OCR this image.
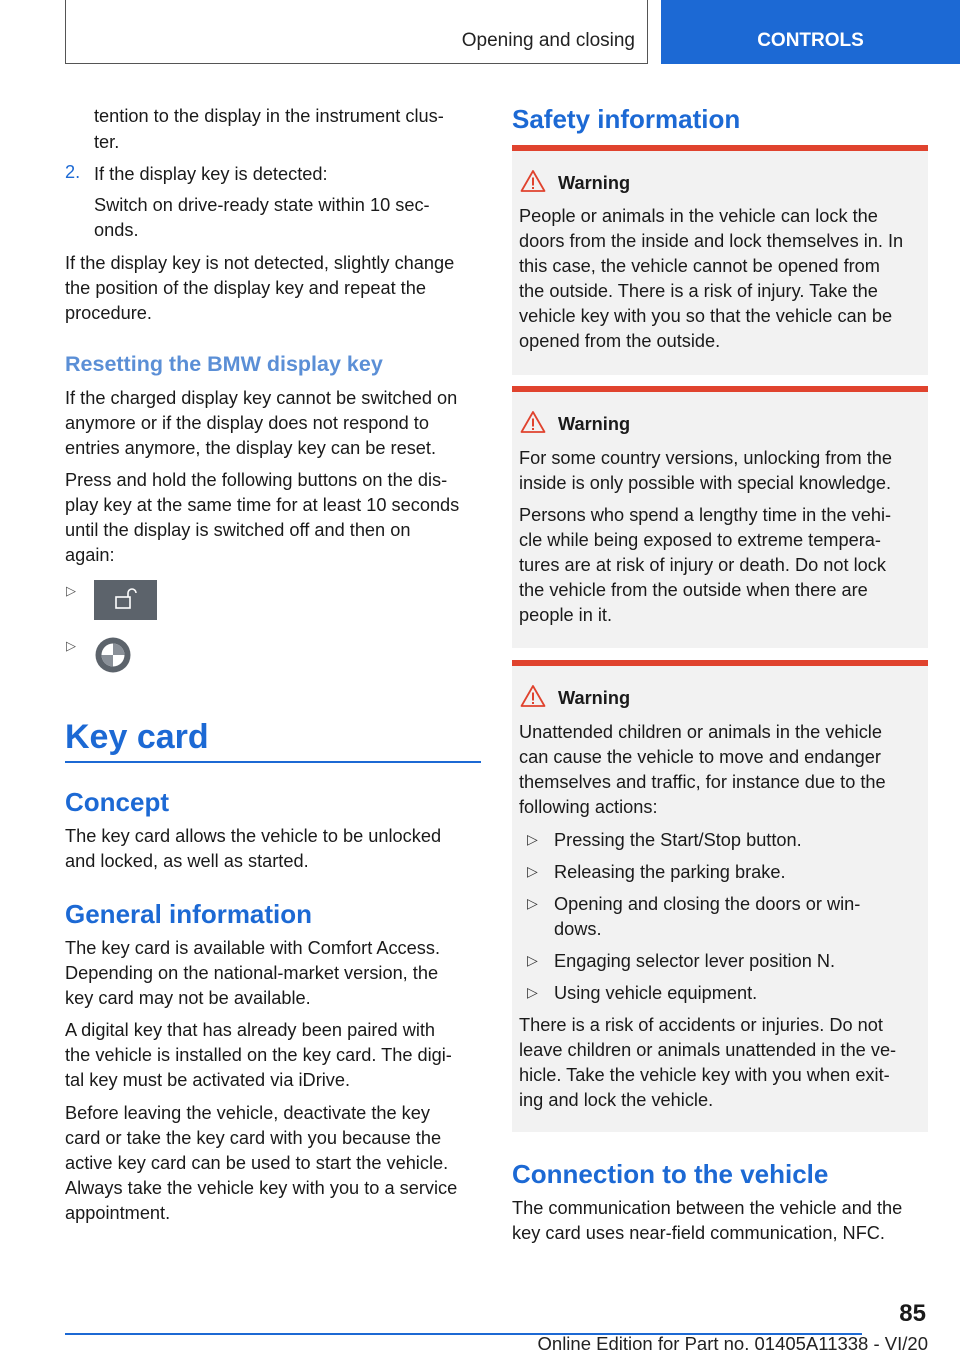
Opening and closing	CONTROLS

tention to the display in the instrument clus-

ter.

2. If the display key is detected:

Switch on drive-ready state within 10 sec-

onds.

If the display key is not detected, slightly change

the position of the display key and repeat the

procedure.

Resetting the BMW display key

If the charged display key cannot be switched on

anymore or if the display does not respond to

entries anymore, the display key can be reset.

Press and hold the following buttons on the dis-

play key at the same time for at least 10 seconds

until the display is switched off and then on

again:

▷
▷
Key card
Concept

The key card allows the vehicle to be unlocked

and locked, as well as started.

General information

The key card is available with Comfort Access.

Depending on the national-market version, the

key card may not be available.

A digital key that has already been paired with

the vehicle is installed on the key card. The digi-

tal key must be activated via iDrive.

Before leaving the vehicle, deactivate the key

card or take the key card with you because the

active key card can be used to start the vehicle.

Always take the vehicle key with you to a service

appointment.

Safety information
Warning

People or animals in the vehicle can lock the

doors from the inside and lock themselves in. In

this case, the vehicle cannot be opened from

the outside. There is a risk of injury. Take the

vehicle key with you so that the vehicle can be

opened from the outside.

Warning

For some country versions, unlocking from the

inside is only possible with special knowledge.

Persons who spend a lengthy time in the vehi-

cle while being exposed to extreme tempera-

tures are at risk of injury or death. Do not lock

the vehicle from the outside when there are

people in it.

Warning

Unattended children or animals in the vehicle

can cause the vehicle to move and endanger

themselves and traffic, for instance due to the

following actions:

▷ Pressing the Start/Stop button.

▷ Releasing the parking brake.

▷ Opening and closing the doors or win-

dows.

▷ Engaging selector lever position N.

▷ Using vehicle equipment.

There is a risk of accidents or injuries. Do not

leave children or animals unattended in the ve-

hicle. Take the vehicle key with you when exit-

ing and lock the vehicle.

Connection to the vehicle

The communication between the vehicle and the

key card uses near-field communication, NFC.

85
Online Edition for Part no. 01405A11338 - VI/20
